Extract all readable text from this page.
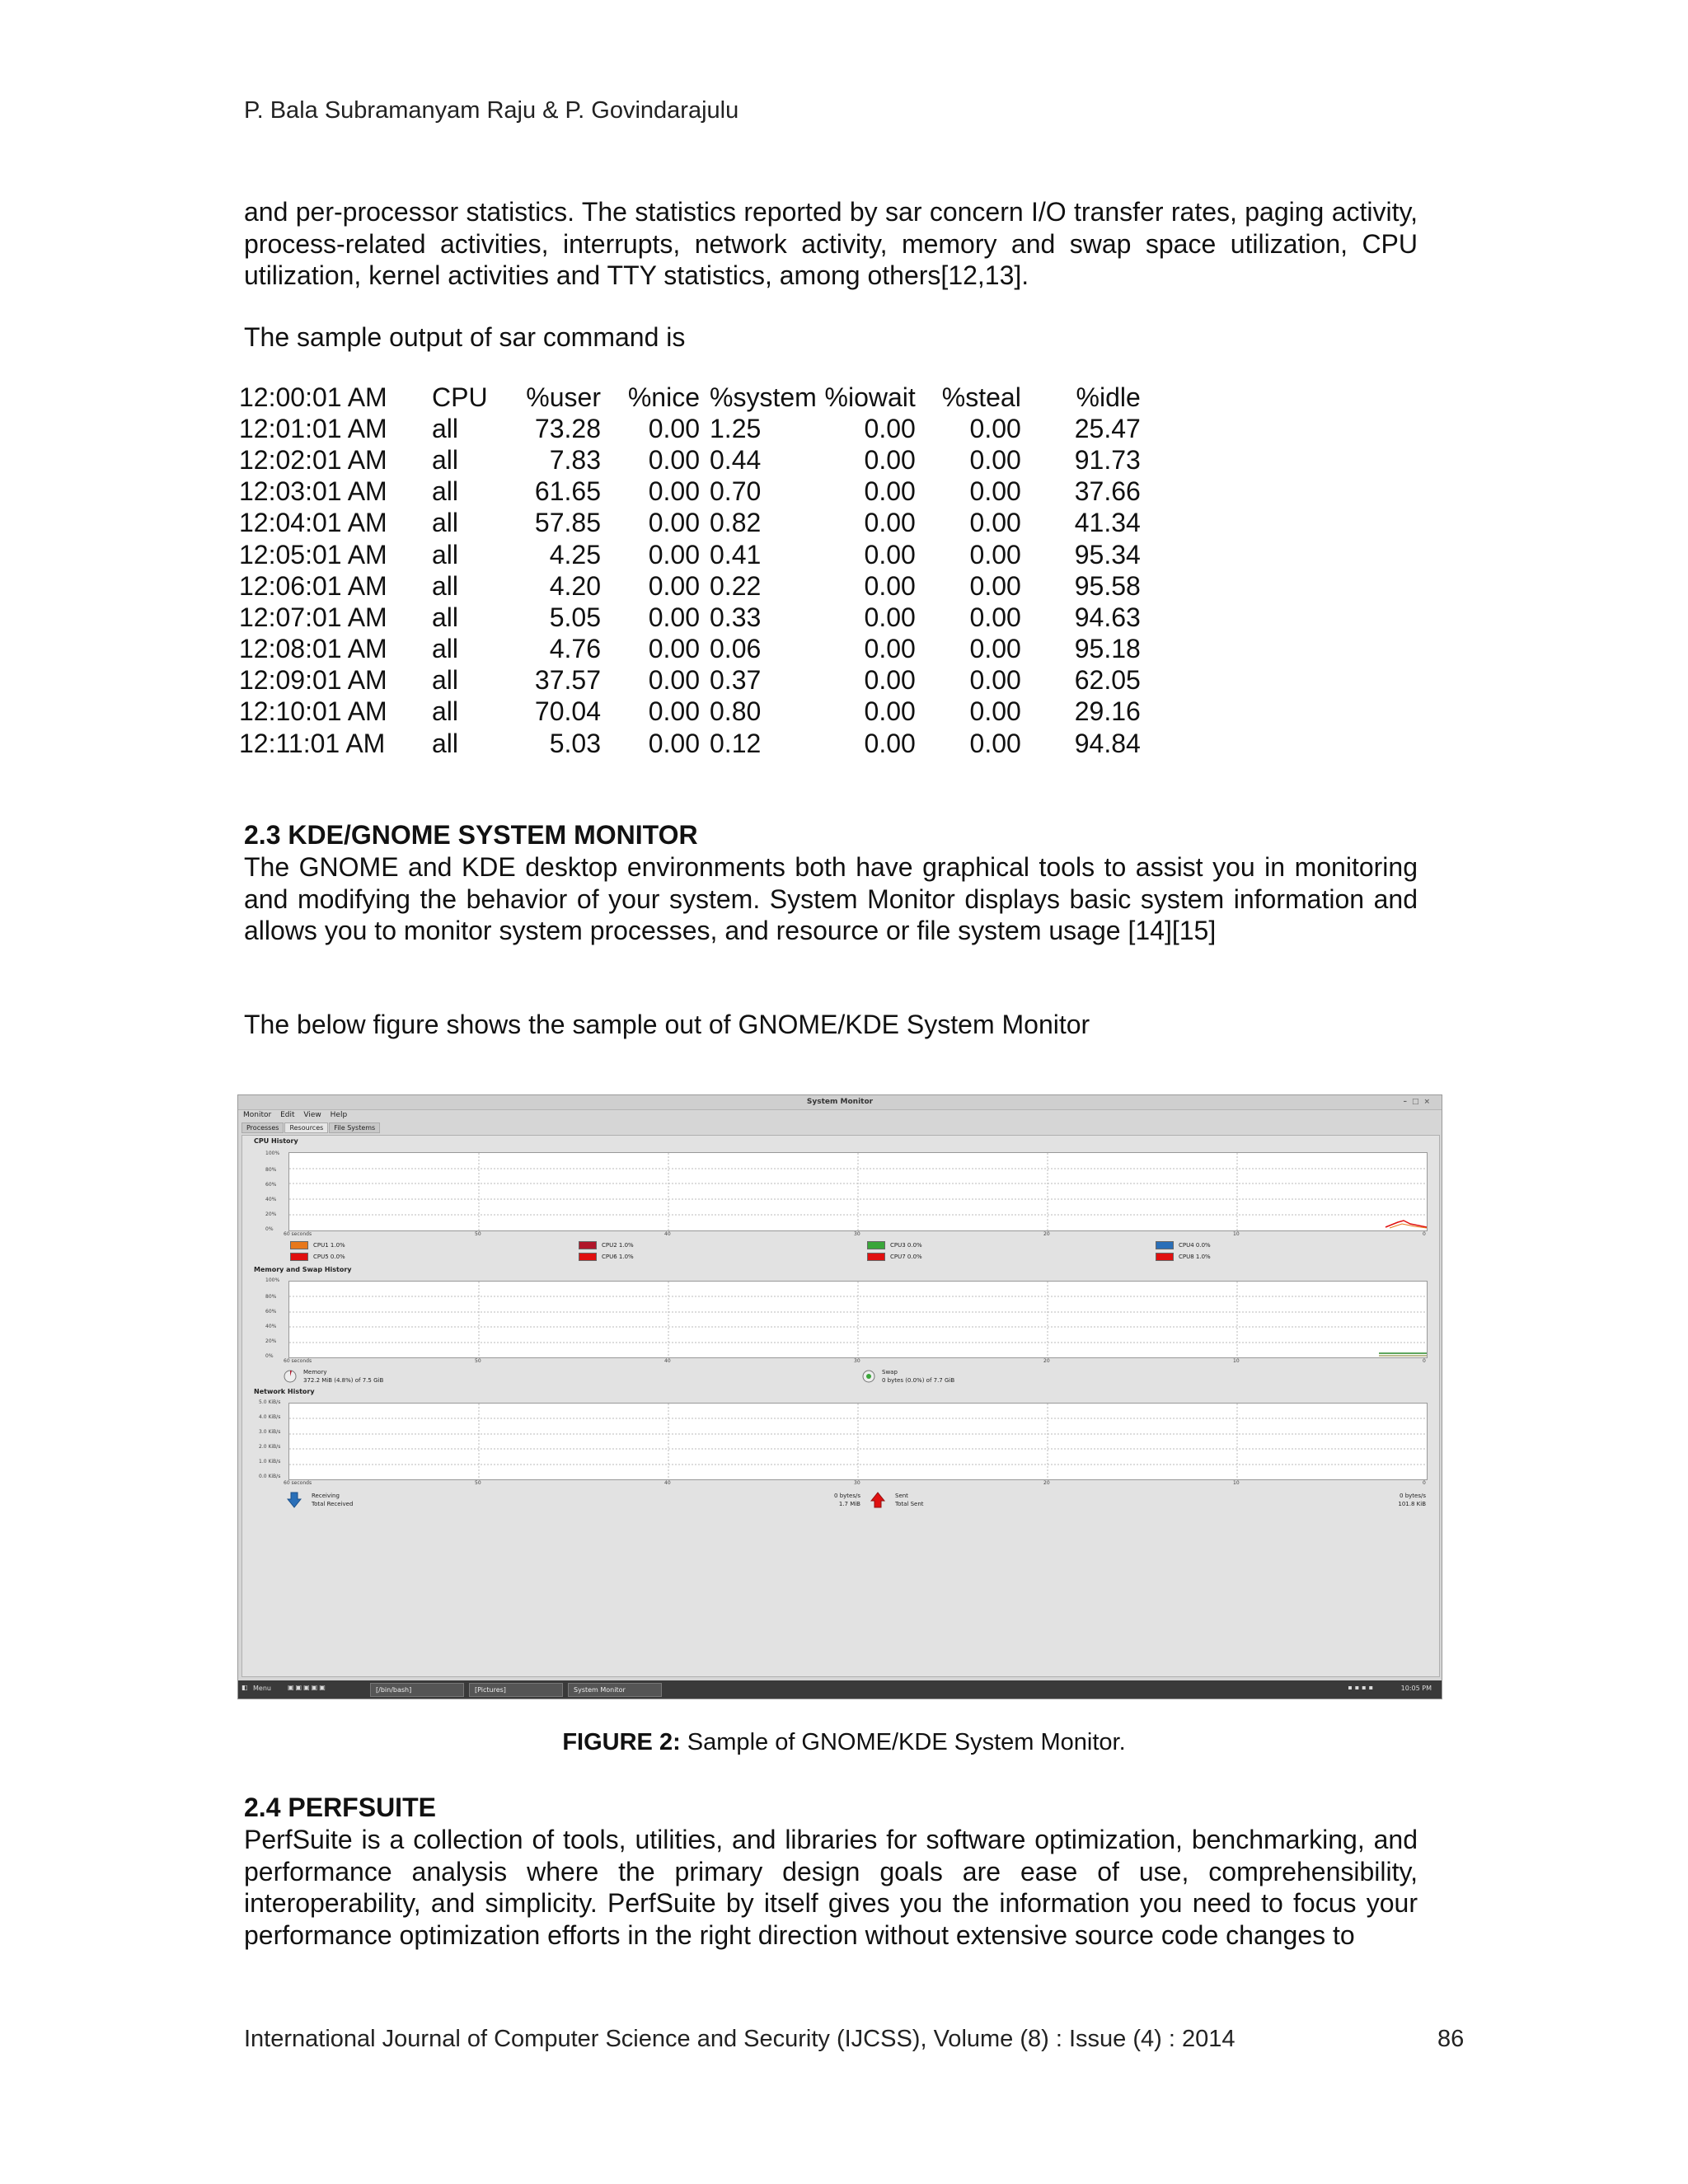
P. Bala Subramanyam Raju & P. Govindarajulu
and per-processor statistics. The statistics reported by sar concern I/O transfer rates, paging activity, process-related activities, interrupts, network activity, memory and swap space utilization, CPU utilization, kernel activities and TTY statistics, among others[12,13].
The sample output of sar command is
12:00:01 AM	CPU	%user	%nice	%system	%iowait	%steal	%idle
12:01:01 AM	all	73.28	0.00	1.25	0.00	0.00	25.47
12:02:01 AM	all	7.83	0.00	0.44	0.00	0.00	91.73
12:03:01 AM	all	61.65	0.00	0.70	0.00	0.00	37.66
12:04:01 AM	all	57.85	0.00	0.82	0.00	0.00	41.34
12:05:01 AM	all	4.25	0.00	0.41	0.00	0.00	95.34
12:06:01 AM	all	4.20	0.00	0.22	0.00	0.00	95.58
12:07:01 AM	all	5.05	0.00	0.33	0.00	0.00	94.63
12:08:01 AM	all	4.76	0.00	0.06	0.00	0.00	95.18
12:09:01 AM	all	37.57	0.00	0.37	0.00	0.00	62.05
12:10:01 AM	all	70.04	0.00	0.80	0.00	0.00	29.16
12:11:01 AM	all	5.03	0.00	0.12	0.00	0.00	94.84
2.3 KDE/GNOME SYSTEM MONITOR
The GNOME and KDE desktop environments both have graphical tools to assist you in monitoring and modifying the behavior of your system. System Monitor displays basic system information and allows you to monitor system processes, and resource or file system usage [14][15]
The below figure shows the sample out of GNOME/KDE System Monitor
System Monitor	–□×
Monitor Edit View Help
Processes Resources File Systems
CPU History
100%
80%
60%
40%
20%
0%
60 seconds	50	40	30	20	10	0
CPU1 1.0%	CPU2 1.0%	CPU3 0.0%	CPU4 0.0%
CPU5 0.0%	CPU6 1.0%	CPU7 0.0%	CPU8 1.0%
Memory and Swap History
100%
80%
60%
40%
20%
0%
60 seconds	50	40	30	20	10	0
Memory
372.2 MiB (4.8%) of 7.5 GiB
Swap
0 bytes (0.0%) of 7.7 GiB
Network History
5.0 KiB/s
4.0 KiB/s
3.0 KiB/s
2.0 KiB/s
1.0 KiB/s
0.0 KiB/s
60 seconds	50	40	30	20	10	0
Receiving
Total Received
0 bytes/s
1.7 MiB
Sent
Total Sent
0 bytes/s
101.8 KiB
◧ Menu	▣▣▣▣▣	[/bin/bash]	[Pictures]	System Monitor	▪▪▪▪	10:05 PM
FIGURE 2: Sample of GNOME/KDE System Monitor.
2.4 PERFSUITE
PerfSuite is a collection of tools, utilities, and libraries for software optimization, benchmarking, and performance analysis where the primary design goals are ease of use, comprehensibility, interoperability, and simplicity. PerfSuite by itself gives you the information you need to focus your performance optimization efforts in the right direction without extensive source code changes to
International Journal of Computer Science and Security (IJCSS), Volume (8) : Issue (4) : 2014	86
